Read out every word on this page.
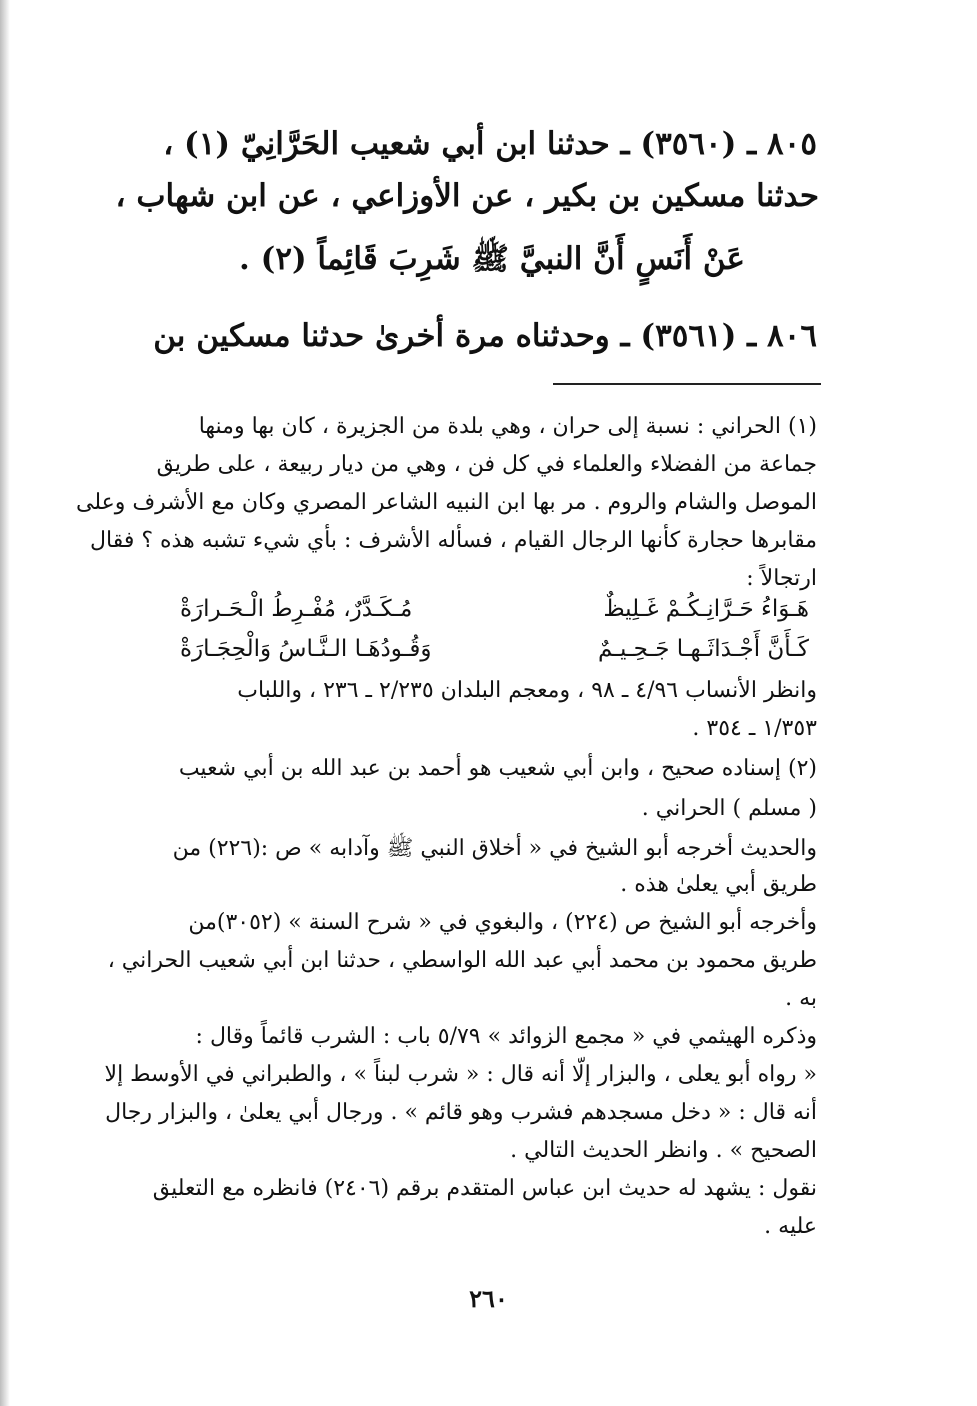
٨٠٥ ـ (٣٥٦٠) ـ حدثنا ابن أبي شعيب الحَرَّانِيّ (١) ،
حدثنا مسكين بن بكير ، عن الأوزاعي ، عن ابن شهاب ،
عَنْ أَنَسٍ أَنَّ النبيَّ ﷺ شَرِبَ قَائِماً (٢) .
٨٠٦ ـ (٣٥٦١) ـ وحدثناه مرة أخرىٰ حدثنا مسكين بن
(١) الحراني : نسبة إلى حران ، وهي بلدة من الجزيرة ، كان بها ومنها
جماعة من الفضلاء والعلماء في كل فن ، وهي من ديار ربيعة ، على طريق
الموصل والشام والروم . مر بها ابن النبيه الشاعر المصري وكان مع الأشرف وعلى
مقابرها حجارة كأنها الرجال القيام ، فسأله الأشرف : بأي شيء تشبه هذه ؟ فقال
ارتجالاً :
هَـوَاءُ حَـرَّانِـكُـمْ غَـلِيظٌ
مُـكَـدَّرٌ، مُفْـرِطُ الْـحَـرارَةْ
كَـأَنَّ أَجْـدَاثَـهـا جَـحِـيـمٌ
وَقُـودُهَـا الـنَّـاسُ وَالْحِجَـارَةْ
وانظر الأنساب ٤/٩٦ ـ ٩٨ ، ومعجم البلدان ٢/٢٣٥ ـ ٢٣٦ ، واللباب
١/٣٥٣ ـ ٣٥٤ .
(٢) إسناده صحيح ، وابن أبي شعيب هو أحمد بن عبد الله بن أبي شعيب
( مسلم ) الحراني .
والحديث أخرجه أبو الشيخ في « أخلاق النبي ﷺ وآدابه » ص :(٢٢٦) من
طريق أبي يعلىٰ هذه .
وأخرجه أبو الشيخ ص (٢٢٤) ، والبغوي في « شرح السنة » (٣٠٥٢)من
طريق محمود بن محمد أبي عبد الله الواسطي ، حدثنا ابن أبي شعيب الحراني ،
به .
وذكره الهيثمي في « مجمع الزوائد » ٥/٧٩ باب : الشرب قائماً وقال :
« رواه أبو يعلى ، والبزار إلّا أنه قال : « شرب لبناً » ، والطبراني في الأوسط إلا
أنه قال : « دخل مسجدهم فشرب وهو قائم » . ورجال أبي يعلىٰ ، والبزار رجال
الصحيح » . وانظر الحديث التالي .
نقول : يشهد له حديث ابن عباس المتقدم برقم (٢٤٠٦) فانظره مع التعليق
عليه .
٢٦٠
